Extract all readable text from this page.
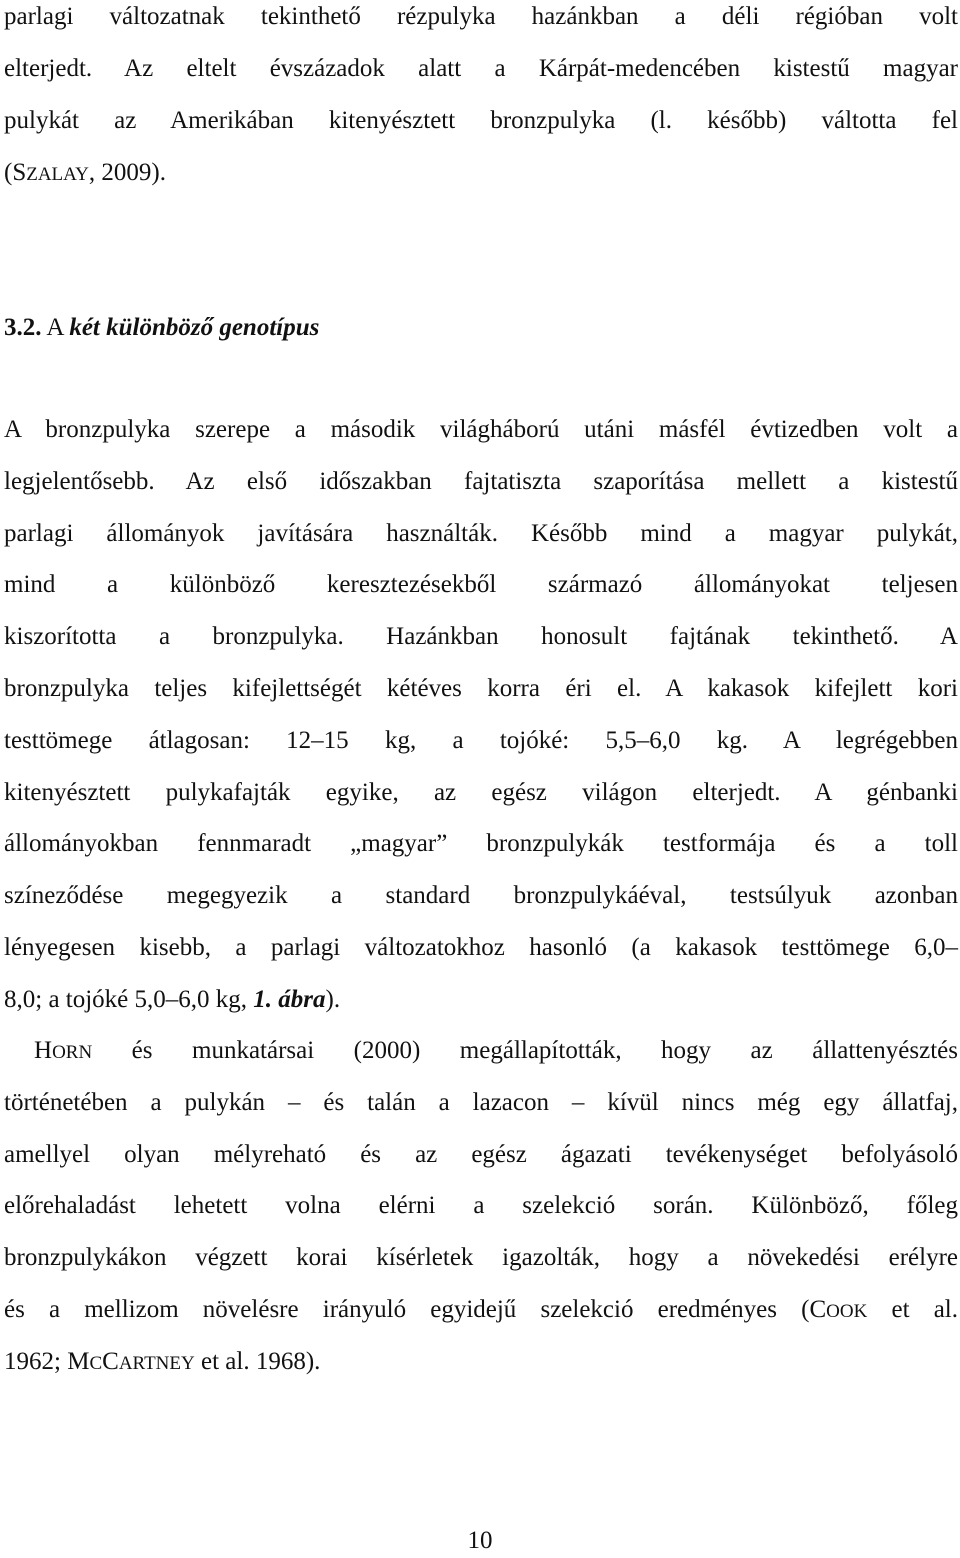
parlagi változatnak tekinthető rézpulyka hazánkban a déli régióban volt
elterjedt. Az eltelt évszázadok alatt a Kárpát-medencében kistestű magyar
pulykát az Amerikában kitenyésztett bronzpulyka (l. később) váltotta fel
(SZALAY, 2009).
3.2. A két különböző genotípus
A bronzpulyka szerepe a második világháború utáni másfél évtizedben volt a
legjelentősebb. Az első időszakban fajtatiszta szaporítása mellett a kistestű
parlagi állományok javítására használták. Később mind a magyar pulykát,
mind a különböző keresztezésekből származó állományokat teljesen
kiszorította a bronzpulyka. Hazánkban honosult fajtának tekinthető. A
bronzpulyka teljes kifejlettségét kétéves korra éri el. A kakasok kifejlett kori
testtömege átlagosan: 12–15 kg, a tojóké: 5,5–6,0 kg. A legrégebben
kitenyésztett pulykafajták egyike, az egész világon elterjedt. A génbanki
állományokban fennmaradt „magyar” bronzpulykák testformája és a toll
színeződése megegyezik a standard bronzpulykáéval, testsúlyuk azonban
lényegesen kisebb, a parlagi változatokhoz hasonló (a kakasok testtömege 6,0–
8,0; a tojóké 5,0–6,0 kg, 1. ábra).
HORN és munkatársai (2000) megállapították, hogy az állattenyésztés
történetében a pulykán – és talán a lazacon – kívül nincs még egy állatfaj,
amellyel olyan mélyreható és az egész ágazati tevékenységet befolyásoló
előrehaladást lehetett volna elérni a szelekció során. Különböző, főleg
bronzpulykákon végzett korai kísérletek igazolták, hogy a növekedési erélyre
és a mellizom növelésre irányuló egyidejű szelekció eredményes (COOK et al.
1962; MCCARTNEY et al. 1968).
10
